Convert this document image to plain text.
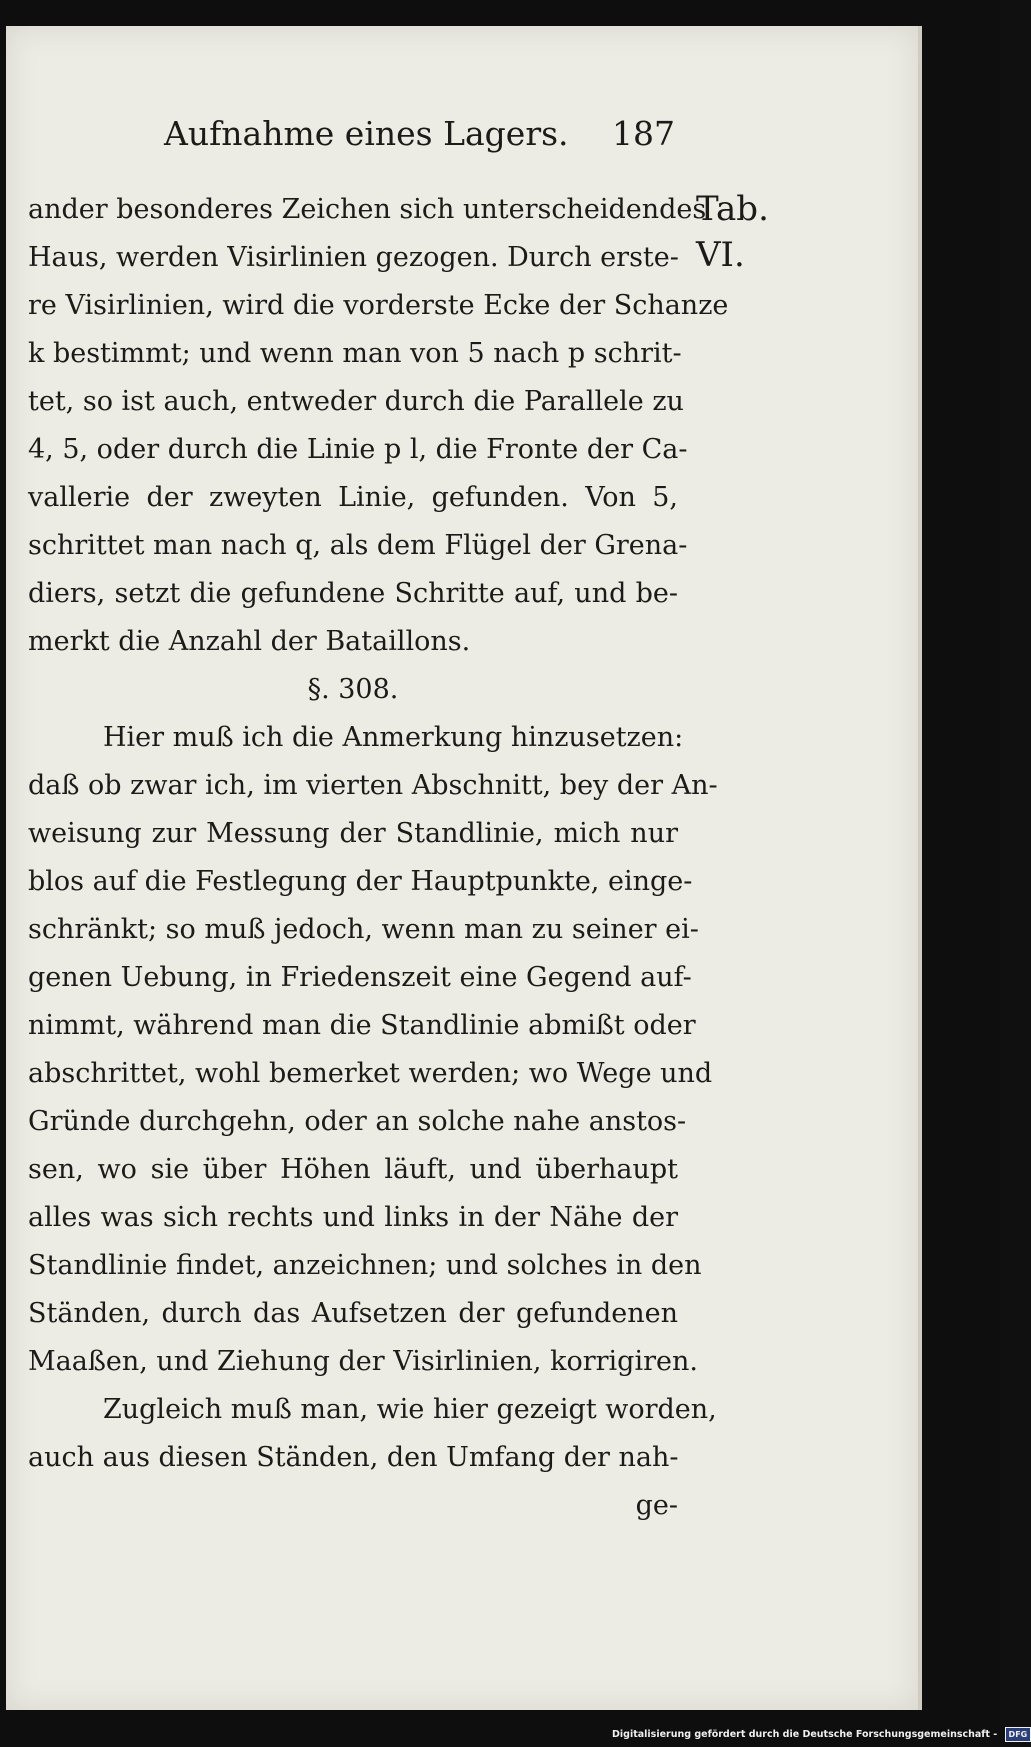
Aufnahme eines Lagers. 187
Tab.
VI.
ander besonderes Zeichen sich unterscheidendes
Haus, werden Visirlinien gezogen. Durch erste-
re Visirlinien, wird die vorderste Ecke der Schanze
k bestimmt; und wenn man von 5 nach p schrit-
tet, so ist auch, entweder durch die Parallele zu
4, 5, oder durch die Linie p l, die Fronte der Ca-
vallerie der zweyten Linie, gefunden. Von 5,
schrittet man nach q, als dem Flügel der Grena-
diers, setzt die gefundene Schritte auf, und be-
merkt die Anzahl der Bataillons.
§. 308.
Hier muß ich die Anmerkung hinzusetzen:
daß ob zwar ich, im vierten Abschnitt, bey der An-
weisung zur Messung der Standlinie, mich nur
blos auf die Festlegung der Hauptpunkte, einge-
schränkt; so muß jedoch, wenn man zu seiner ei-
genen Uebung, in Friedenszeit eine Gegend auf-
nimmt, während man die Standlinie abmißt oder
abschrittet, wohl bemerket werden; wo Wege und
Gründe durchgehn, oder an solche nahe anstos-
sen, wo sie über Höhen läuft, und überhaupt
alles was sich rechts und links in der Nähe der
Standlinie findet, anzeichnen; und solches in den
Ständen, durch das Aufsetzen der gefundenen
Maaßen, und Ziehung der Visirlinien, korrigiren.
Zugleich muß man, wie hier gezeigt worden,
auch aus diesen Ständen, den Umfang der nah-
ge-
Digitalisierung gefördert durch die Deutsche Forschungsgemeinschaft - DFG
